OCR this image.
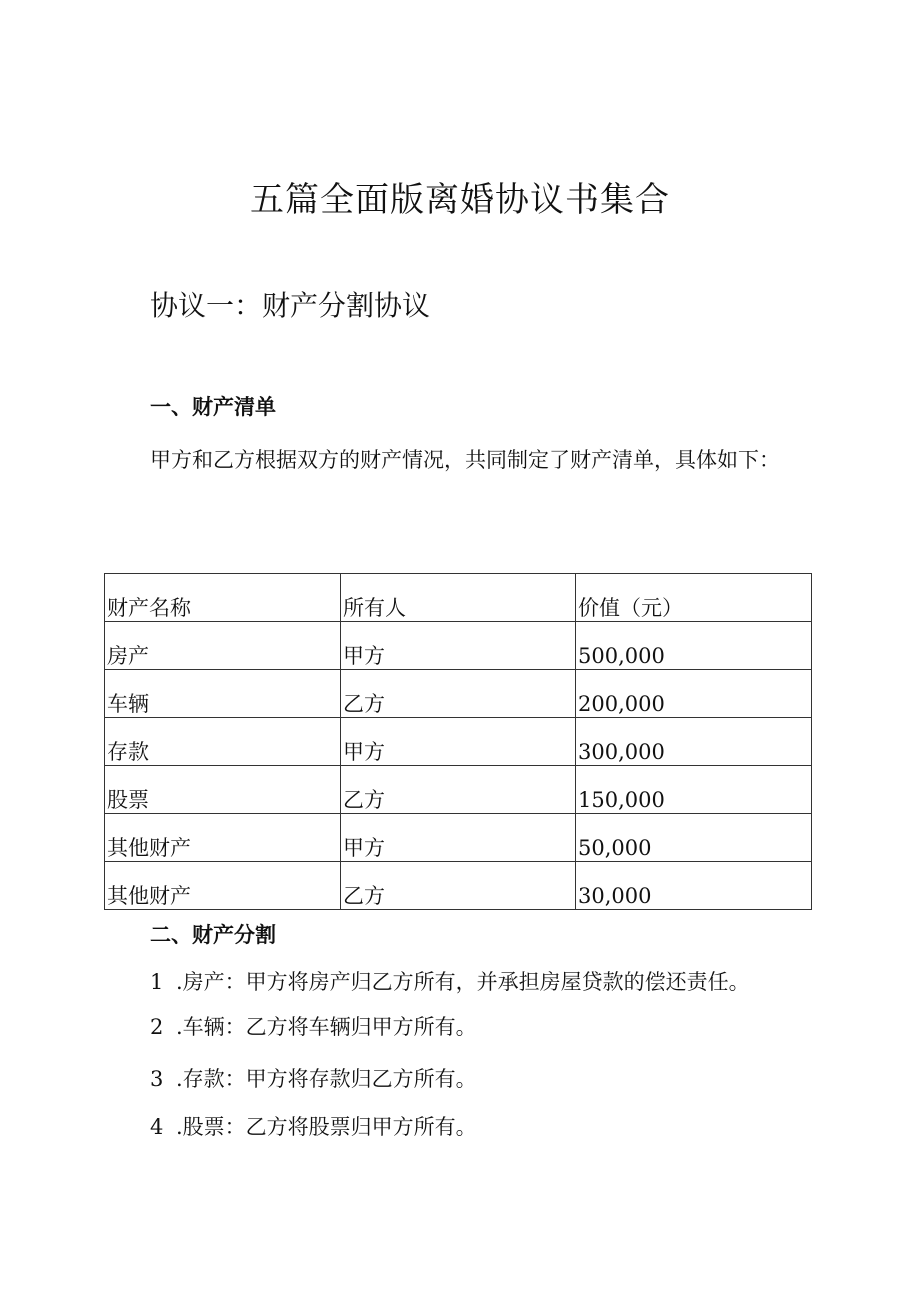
五篇全面版离婚协议书集合
协议一：财产分割协议
一、财产清单

甲方和乙方根据双方的财产情况，共同制定了财产清单，具体如下：

财产名称	所有人	价值（元）
房产	甲方	500,000
车辆	乙方	200,000
存款	甲方	300,000
股票	乙方	150,000
其他财产	甲方	50,000
其他财产	乙方	30,000
二、财产分割

1 .房产：甲方将房产归乙方所有，并承担房屋贷款的偿还责任。

2 .车辆：乙方将车辆归甲方所有。

3 .存款：甲方将存款归乙方所有。

4 .股票：乙方将股票归甲方所有。
